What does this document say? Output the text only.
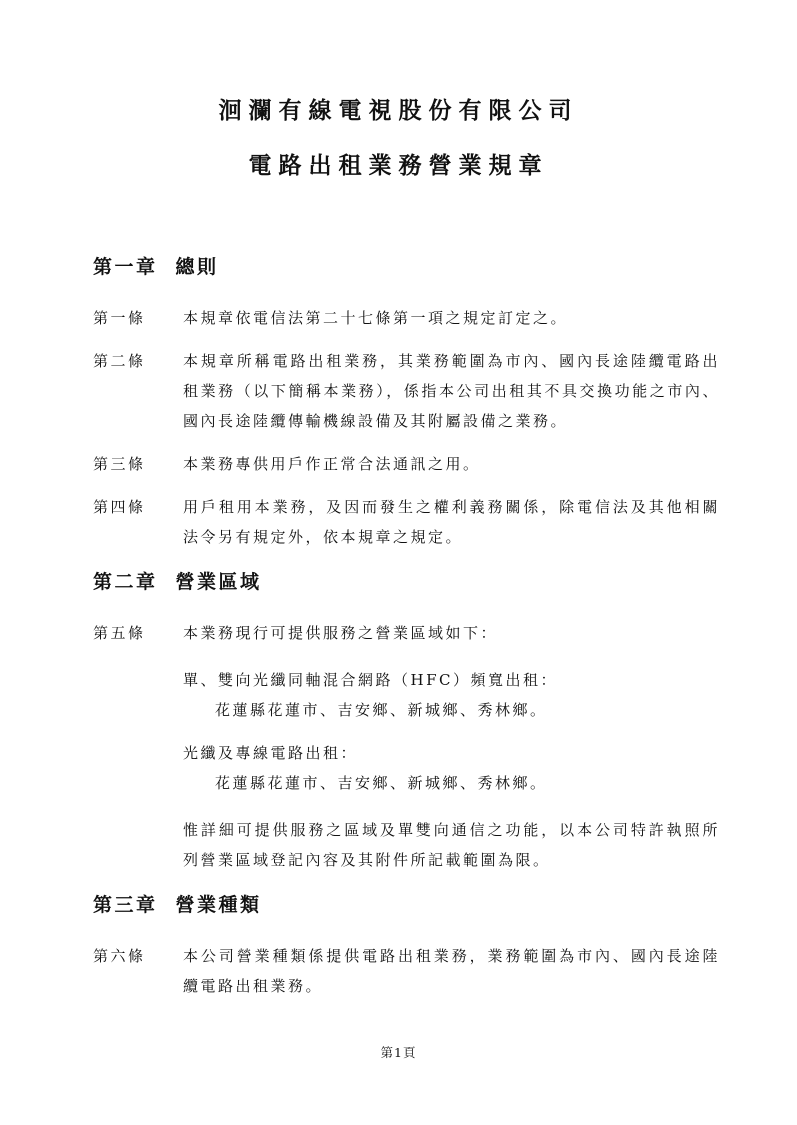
洄瀾有線電視股份有限公司
電路出租業務營業規章
第一章 總則
第一條	本規章依電信法第二十七條第一項之規定訂定之。
第二條	本規章所稱電路出租業務，其業務範圍為市內、國內長途陸纜電路出租業務（以下簡稱本業務），係指本公司出租其不具交換功能之市內、國內長途陸纜傳輸機線設備及其附屬設備之業務。
第三條	本業務專供用戶作正常合法通訊之用。
第四條	用戶租用本業務，及因而發生之權利義務關係，除電信法及其他相關法令另有規定外，依本規章之規定。
第二章 營業區域
第五條	本業務現行可提供服務之營業區域如下：
單、雙向光纖同軸混合網路（HFC）頻寬出租：
花蓮縣花蓮市、吉安鄉、新城鄉、秀林鄉。
光纖及專線電路出租：
花蓮縣花蓮市、吉安鄉、新城鄉、秀林鄉。
惟詳細可提供服務之區域及單雙向通信之功能，以本公司特許執照所列營業區域登記內容及其附件所記載範圍為限。
第三章 營業種類
第六條	本公司營業種類係提供電路出租業務，業務範圍為市內、國內長途陸纜電路出租業務。
第1頁
